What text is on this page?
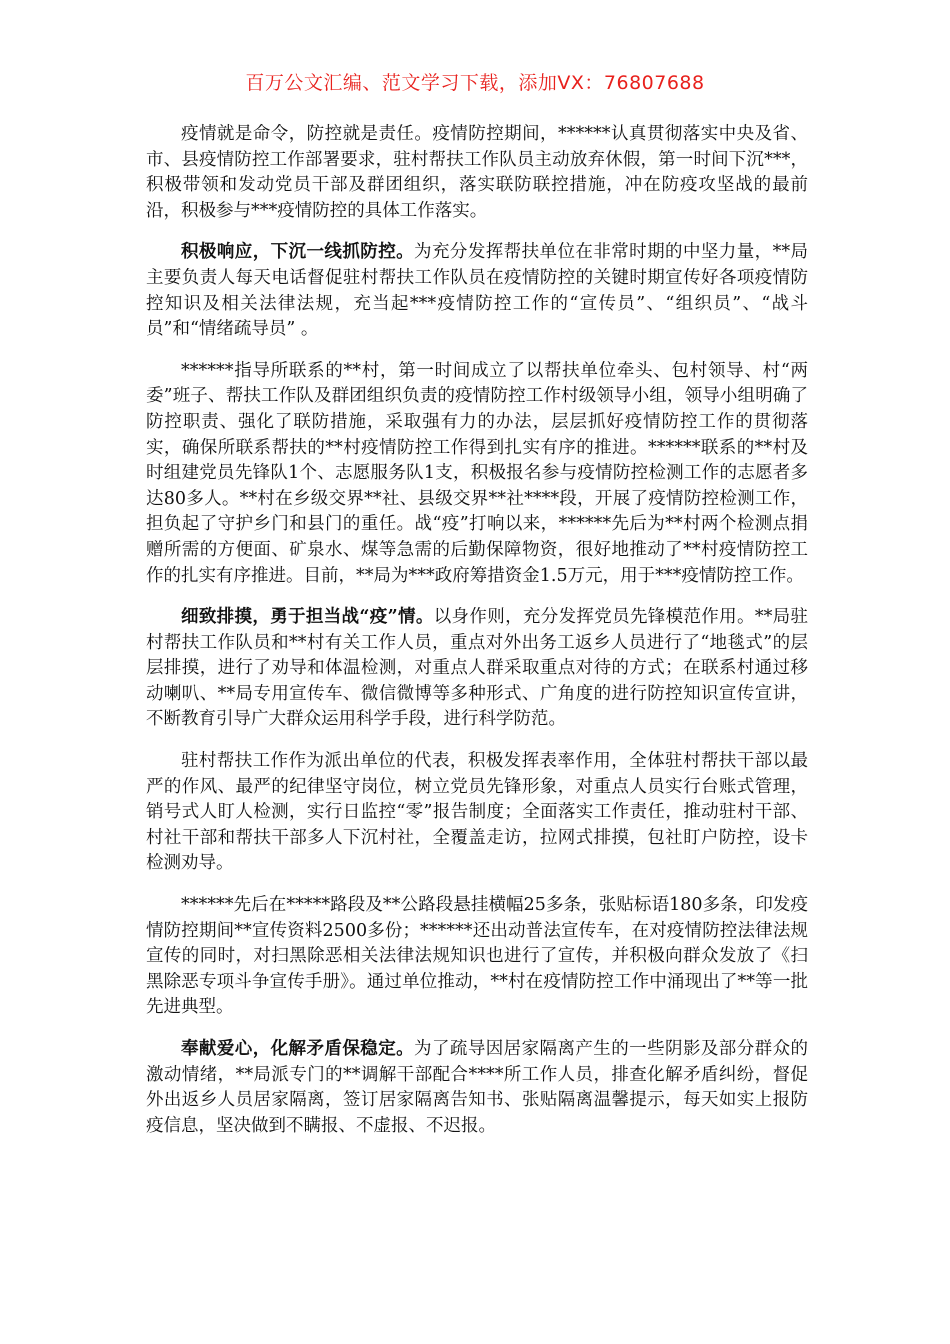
百万公文汇编、范文学习下载，添加VX：76807688

疫情就是命令，防控就是责任。疫情防控期间，******认真贯彻落实中央及省、市、县疫情防控工作部署要求，驻村帮扶工作队员主动放弃休假，第一时间下沉***，积极带领和发动党员干部及群团组织，落实联防联控措施，冲在防疫攻坚战的最前沿，积极参与***疫情防控的具体工作落实。

积极响应，下沉一线抓防控。为充分发挥帮扶单位在非常时期的中坚力量，**局主要负责人每天电话督促驻村帮扶工作队员在疫情防控的关键时期宣传好各项疫情防控知识及相关法律法规，充当起***疫情防控工作的“宣传员”、“组织员”、“战斗员”和“情绪疏导员” 。

******指导所联系的**村，第一时间成立了以帮扶单位牵头、包村领导、村“两委”班子、帮扶工作队及群团组织负责的疫情防控工作村级领导小组，领导小组明确了防控职责、强化了联防措施，采取强有力的办法，层层抓好疫情防控工作的贯彻落实，确保所联系帮扶的**村疫情防控工作得到扎实有序的推进。******联系的**村及时组建党员先锋队1个、志愿服务队1支，积极报名参与疫情防控检测工作的志愿者多达80多人。**村在乡级交界**社、县级交界**社****段，开展了疫情防控检测工作，担负起了守护乡门和县门的重任。战“疫”打响以来，******先后为**村两个检测点捐赠所需的方便面、矿泉水、煤等急需的后勤保障物资，很好地推动了**村疫情防控工作的扎实有序推进。目前，**局为***政府筹措资金1.5万元，用于***疫情防控工作。

细致排摸，勇于担当战“疫”情。以身作则，充分发挥党员先锋模范作用。**局驻村帮扶工作队员和**村有关工作人员，重点对外出务工返乡人员进行了“地毯式”的层层排摸，进行了劝导和体温检测，对重点人群采取重点对待的方式；在联系村通过移动喇叭、**局专用宣传车、微信微博等多种形式、广角度的进行防控知识宣传宣讲，不断教育引导广大群众运用科学手段，进行科学防范。

驻村帮扶工作作为派出单位的代表，积极发挥表率作用，全体驻村帮扶干部以最严的作风、最严的纪律坚守岗位，树立党员先锋形象，对重点人员实行台账式管理，销号式人盯人检测，实行日监控“零”报告制度；全面落实工作责任，推动驻村干部、村社干部和帮扶干部多人下沉村社，全覆盖走访，拉网式排摸，包社盯户防控，设卡检测劝导。

******先后在*****路段及**公路段悬挂横幅25多条，张贴标语180多条，印发疫情防控期间**宣传资料2500多份；******还出动普法宣传车，在对疫情防控法律法规宣传的同时，对扫黑除恶相关法律法规知识也进行了宣传，并积极向群众发放了《扫黑除恶专项斗争宣传手册》。通过单位推动，**村在疫情防控工作中涌现出了**等一批先进典型。

奉献爱心，化解矛盾保稳定。为了疏导因居家隔离产生的一些阴影及部分群众的激动情绪，**局派专门的**调解干部配合****所工作人员，排查化解矛盾纠纷，督促外出返乡人员居家隔离，签订居家隔离告知书、张贴隔离温馨提示，每天如实上报防疫信息，坚决做到不瞒报、不虚报、不迟报。
